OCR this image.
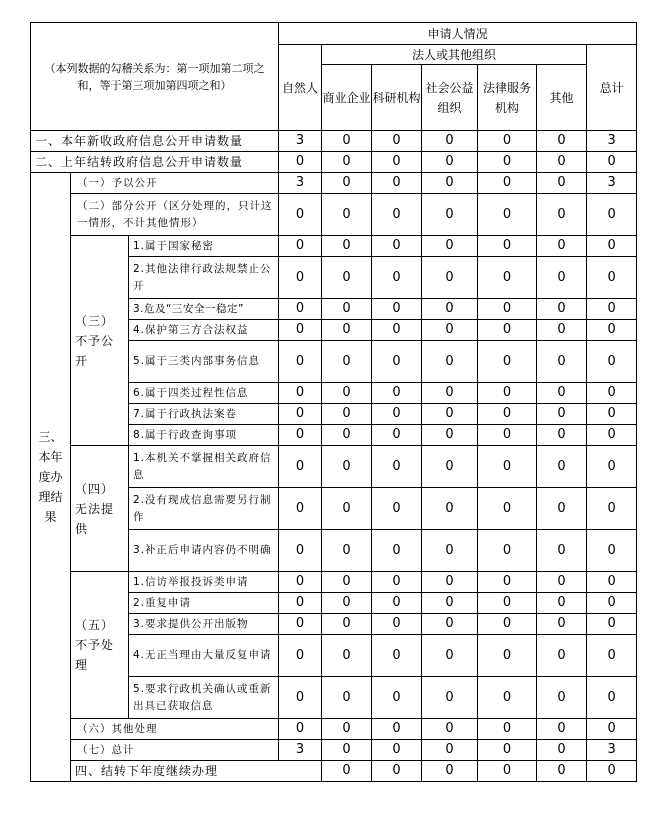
（本列数据的勾稽关系为：第一项加第二项之和，等于第三项加第四项之和）			申请人情况							
			自然人	法人或其他组织					总计	
				商业企业	科研机构	社会公益组织	法律服务机构	其他		
一、本年新收政府信息公开申请数量			3	0	0	0	0	0	3	
二、上年结转政府信息公开申请数量			0	0	0	0	0	0	0	
三、本年度办理结果	（一）予以公开		3	0	0	0	0	0	3	
	（二）部分公开（区分处理的，只计这一情形，不计其他情形）		0	0	0	0	0	0	0	
	（三）不予公开	1.属于国家秘密	0	0	0	0	0	0	0	
		2.其他法律行政法规禁止公开	0	0	0	0	0	0	0	
		3.危及“三安全一稳定”	0	0	0	0	0	0	0	
		4.保护第三方合法权益	0	0	0	0	0	0	0	
		5.属于三类内部事务信息	0	0	0	0	0	0	0	
		6.属于四类过程性信息	0	0	0	0	0	0	0	
		7.属于行政执法案卷	0	0	0	0	0	0	0	
		8.属于行政查询事项	0	0	0	0	0	0	0	
	（四）无法提供	1.本机关不掌握相关政府信息	0	0	0	0	0	0	0	
		2.没有现成信息需要另行制作	0	0	0	0	0	0	0	
		3.补正后申请内容仍不明确	0	0	0	0	0	0	0	
	（五）不予处理	1.信访举报投诉类申请	0	0	0	0	0	0	0	
		2.重复申请	0	0	0	0	0	0	0	
		3.要求提供公开出版物	0	0	0	0	0	0	0	
		4.无正当理由大量反复申请	0	0	0	0	0	0	0	
		5.要求行政机关确认或重新出具已获取信息	0	0	0	0	0	0	0	
	（六）其他处理		0	0	0	0	0	0	0	
	（七）总计		3	0	0	0	0	0	3	
	四、结转下年度继续办理			0	0	0	0	0	0	
